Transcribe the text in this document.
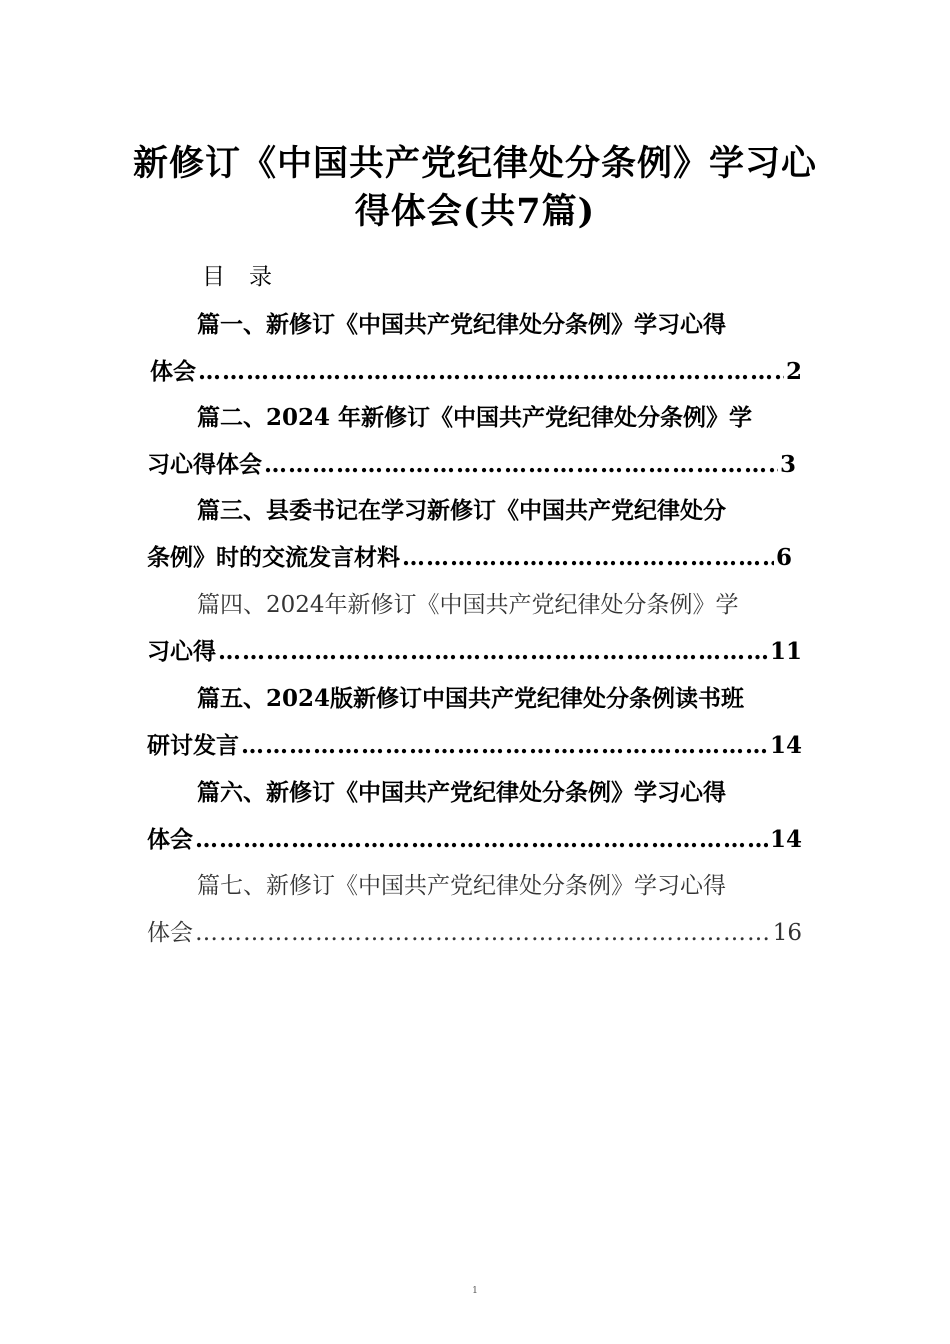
新修订《中国共产党纪律处分条例》学习心
得体会(共7篇)
目 录
篇一、新修订《中国共产党纪律处分条例》学习心得
体会 ………………………………………………………………………………………………………………………………	2
篇二、2024 年新修订《中国共产党纪律处分条例》学
习心得体会 ………………………………………………………………………………………………………………………………	3
篇三、县委书记在学习新修订《中国共产党纪律处分
条例》时的交流发言材料 ………………………………………………………………………………………………………………………………	6
篇四、2024年新修订《中国共产党纪律处分条例》学
习心得 ………………………………………………………………………………………………………………………………	11
篇五、2024版新修订中国共产党纪律处分条例读书班
研讨发言 ………………………………………………………………………………………………………………………………	14
篇六、新修订《中国共产党纪律处分条例》学习心得
体会 ………………………………………………………………………………………………………………………………	14
篇七、新修订《中国共产党纪律处分条例》学习心得
体会 ………………………………………………………………………………………………………………………………	16
1
